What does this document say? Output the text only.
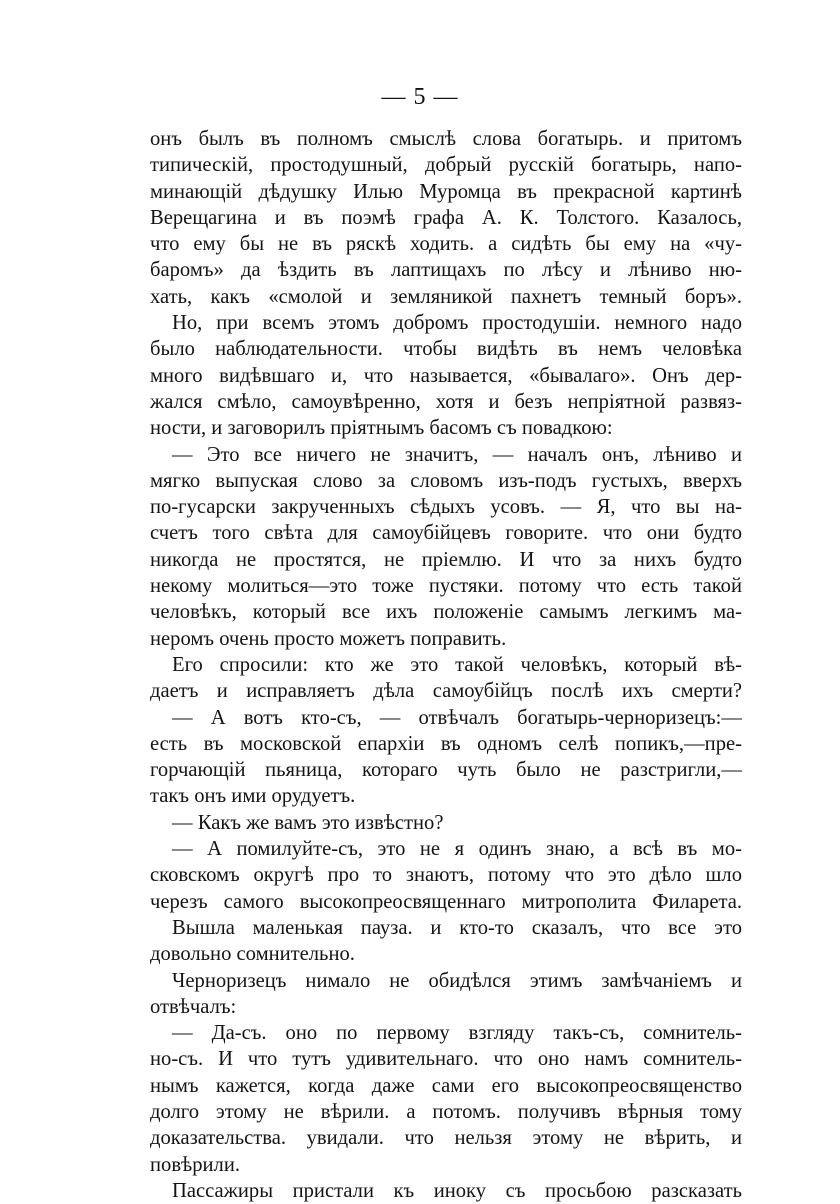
— 5 —
онъ былъ въ полномъ смыслѣ слова богатырь. и притомъ
типическій, простодушный, добрый русскій богатырь, напо-
минающій дѣдушку Илью Муромца въ прекрасной картинѣ
Верещагина и въ поэмѣ графа А. К. Толстого. Казалось,
что ему бы не въ ряскѣ ходить. а сидѣть бы ему на «чу-
баромъ» да ѣздить въ лаптищахъ по лѣсу и лѣниво ню-
хать, какъ «смолой и земляникой пахнетъ темный боръ».
Но, при всемъ этомъ добромъ простодушіи. немного надо
было наблюдательности. чтобы видѣть въ немъ человѣка
много видѣвшаго и, что называется, «бывалаго». Онъ дер-
жался смѣло, самоувѣренно, хотя и безъ непріятной развяз-
ности, и заговорилъ пріятнымъ басомъ съ повадкою:
— Это все ничего не значитъ, — началъ онъ, лѣниво и
мягко выпуская слово за словомъ изъ-подъ густыхъ, вверхъ
по-гусарски закрученныхъ сѣдыхъ усовъ. — Я, что вы на-
счетъ того свѣта для самоубійцевъ говорите. что они будто
никогда не простятся, не пріемлю. И что за нихъ будто
некому молиться—это тоже пустяки. потому что есть такой
человѣкъ, который все ихъ положеніе самымъ легкимъ ма-
неромъ очень просто можетъ поправить.
Его спросили: кто же это такой человѣкъ, который вѣ-
даетъ и исправляетъ дѣла самоубійцъ послѣ ихъ смерти?
— А вотъ кто-съ, — отвѣчалъ богатырь-черноризецъ:—
есть въ московской епархіи въ одномъ селѣ попикъ,—пре-
горчающій пьяница, котораго чуть было не разстригли,—
такъ онъ ими орудуетъ.
— Какъ же вамъ это извѣстно?
— А помилуйте-съ, это не я одинъ знаю, а всѣ въ мо-
сковскомъ округѣ про то знаютъ, потому что это дѣло шло
черезъ самого высокопреосвященнаго митрополита Филарета.
Вышла маленькая пауза. и кто-то сказалъ, что все это
довольно сомнительно.
Черноризецъ нимало не обидѣлся этимъ замѣчаніемъ и
отвѣчалъ:
— Да-съ. оно по первому взгляду такъ-съ, сомнитель-
но-съ. И что тутъ удивительнаго. что оно намъ сомнитель-
нымъ кажется, когда даже сами его высокопреосвященство
долго этому не вѣрили. а потомъ. получивъ вѣрныя тому
доказательства. увидали. что нельзя этому не вѣрить, и
повѣрили.
Пассажиры пристали къ иноку съ просьбою разсказать
